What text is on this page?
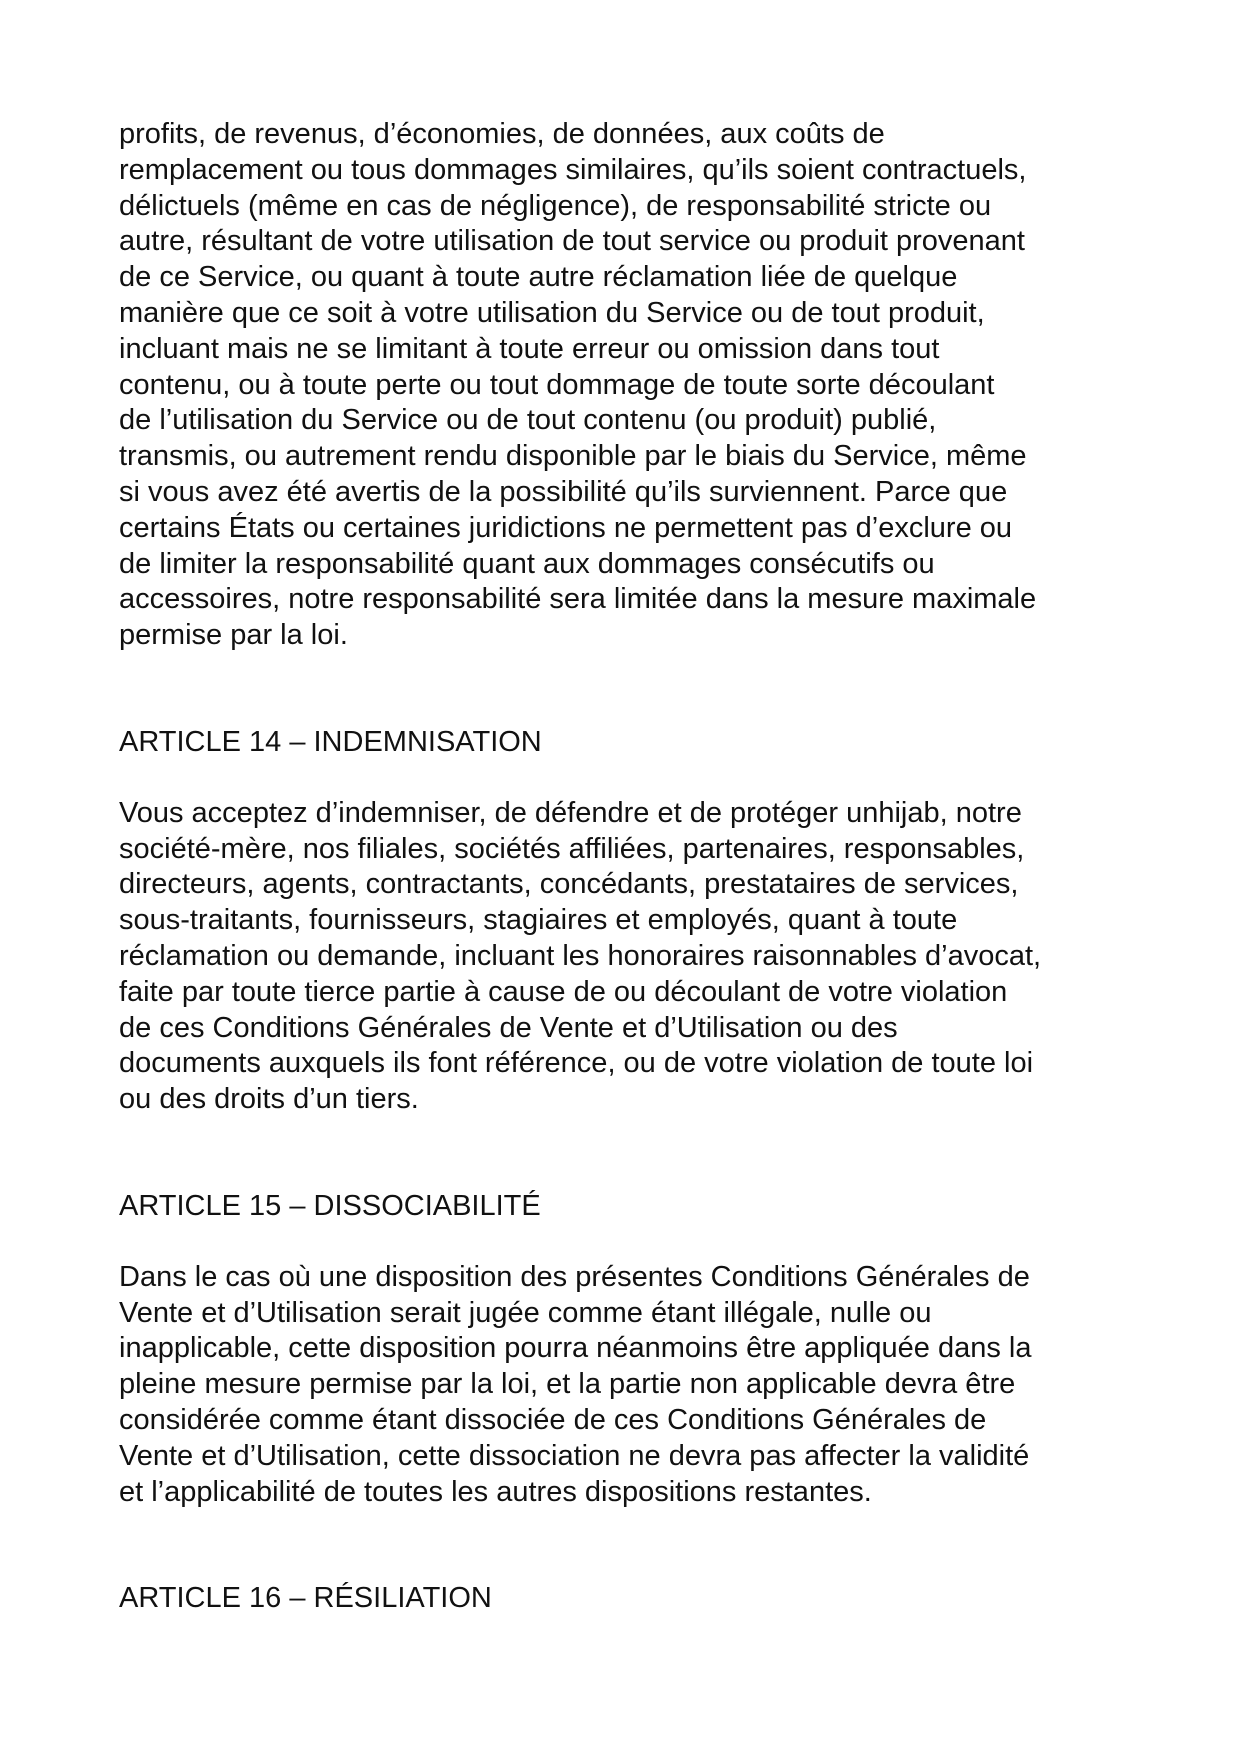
profits, de revenus, d’économies, de données, aux coûts de
remplacement ou tous dommages similaires, qu’ils soient contractuels,
délictuels (même en cas de négligence), de responsabilité stricte ou
autre, résultant de votre utilisation de tout service ou produit provenant
de ce Service, ou quant à toute autre réclamation liée de quelque
manière que ce soit à votre utilisation du Service ou de tout produit,
incluant mais ne se limitant à toute erreur ou omission dans tout
contenu, ou à toute perte ou tout dommage de toute sorte découlant
de l’utilisation du Service ou de tout contenu (ou produit) publié,
transmis, ou autrement rendu disponible par le biais du Service, même
si vous avez été avertis de la possibilité qu’ils surviennent. Parce que
certains États ou certaines juridictions ne permettent pas d’exclure ou
de limiter la responsabilité quant aux dommages consécutifs ou
accessoires, notre responsabilité sera limitée dans la mesure maximale
permise par la loi.

ARTICLE 14 – INDEMNISATION

Vous acceptez d’indemniser, de défendre et de protéger unhijab, notre
société-mère, nos filiales, sociétés affiliées, partenaires, responsables,
directeurs, agents, contractants, concédants, prestataires de services,
sous-traitants, fournisseurs, stagiaires et employés, quant à toute
réclamation ou demande, incluant les honoraires raisonnables d’avocat,
faite par toute tierce partie à cause de ou découlant de votre violation
de ces Conditions Générales de Vente et d’Utilisation ou des
documents auxquels ils font référence, ou de votre violation de toute loi
ou des droits d’un tiers.

ARTICLE 15 – DISSOCIABILITÉ

Dans le cas où une disposition des présentes Conditions Générales de
Vente et d’Utilisation serait jugée comme étant illégale, nulle ou
inapplicable, cette disposition pourra néanmoins être appliquée dans la
pleine mesure permise par la loi, et la partie non applicable devra être
considérée comme étant dissociée de ces Conditions Générales de
Vente et d’Utilisation, cette dissociation ne devra pas affecter la validité
et l’applicabilité de toutes les autres dispositions restantes.

ARTICLE 16 – RÉSILIATION
